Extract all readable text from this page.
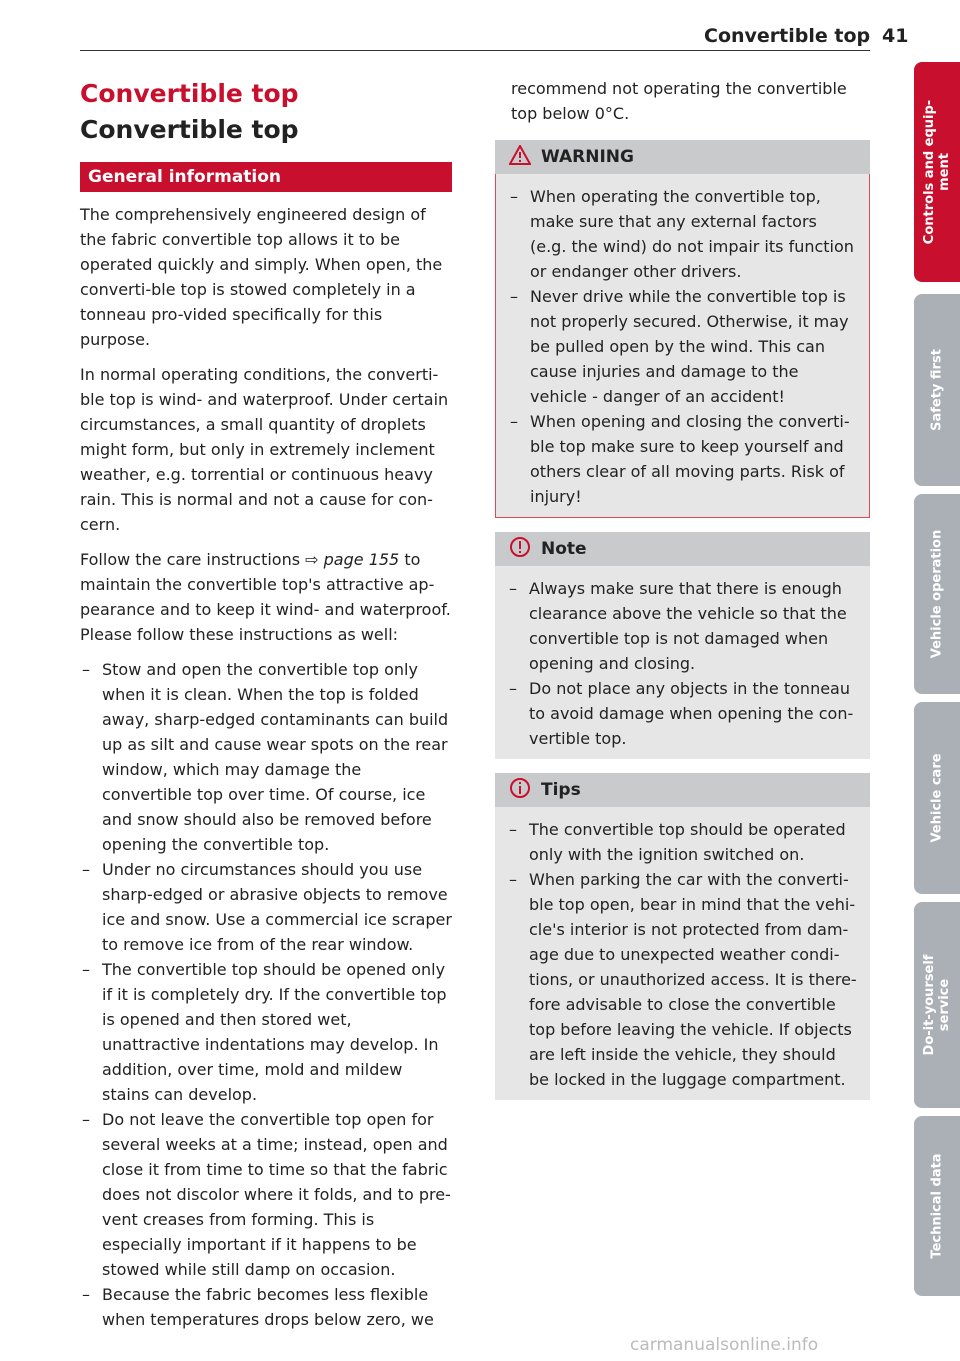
Convertible top 41
Convertible top
Convertible top
General information

The comprehensively engineered design of the fabric convertible top allows it to be operated quickly and simply. When open, the converti-ble top is stowed completely in a tonneau pro-vided specifically for this purpose.

In normal operating conditions, the converti-ble top is wind- and waterproof. Under certain circumstances, a small quantity of droplets might form, but only in extremely inclement weather, e.g. torrential or continuous heavy rain. This is normal and not a cause for con-cern.

Follow the care instructions ⇨ page 155 to maintain the convertible top's attractive ap-pearance and to keep it wind- and waterproof. Please follow these instructions as well:

– Stow and open the convertible top only when it is clean. When the top is folded away, sharp-edged contaminants can build up as silt and cause wear spots on the rear window, which may damage the convertible top over time. Of course, ice and snow should also be removed before opening the convertible top.
– Under no circumstances should you use sharp-edged or abrasive objects to remove ice and snow. Use a commercial ice scraper to remove ice from of the rear window.
– The convertible top should be opened only if it is completely dry. If the convertible top is opened and then stored wet, unattractive indentations may develop. In addition, over time, mold and mildew stains can develop.
– Do not leave the convertible top open for several weeks at a time; instead, open and close it from time to time so that the fabric does not discolor where it folds, and to pre-vent creases from forming. This is especially important if it happens to be stowed while still damp on occasion.
– Because the fabric becomes less flexible when temperatures drops below zero, we

recommend not operating the convertible top below 0°C.

WARNING
– When operating the convertible top, make sure that any external factors (e.g. the wind) do not impair its function or endanger other drivers.
– Never drive while the convertible top is not properly secured. Otherwise, it may be pulled open by the wind. This can cause injuries and damage to the vehicle - danger of an accident!
– When opening and closing the converti-ble top make sure to keep yourself and others clear of all moving parts. Risk of injury!
Note
– Always make sure that there is enough clearance above the vehicle so that the convertible top is not damaged when opening and closing.
– Do not place any objects in the tonneau to avoid damage when opening the con-vertible top.
Tips
– The convertible top should be operated only with the ignition switched on.
– When parking the car with the converti-ble top open, bear in mind that the vehi-cle's interior is not protected from dam-age due to unexpected weather condi-tions, or unauthorized access. It is there-fore advisable to close the convertible top before leaving the vehicle. If objects are left inside the vehicle, they should be locked in the luggage compartment.
Controls and equip- ment
Safety first
Vehicle operation
Vehicle care
Do-it-yourself service
Technical data
carmanualsonline.info
